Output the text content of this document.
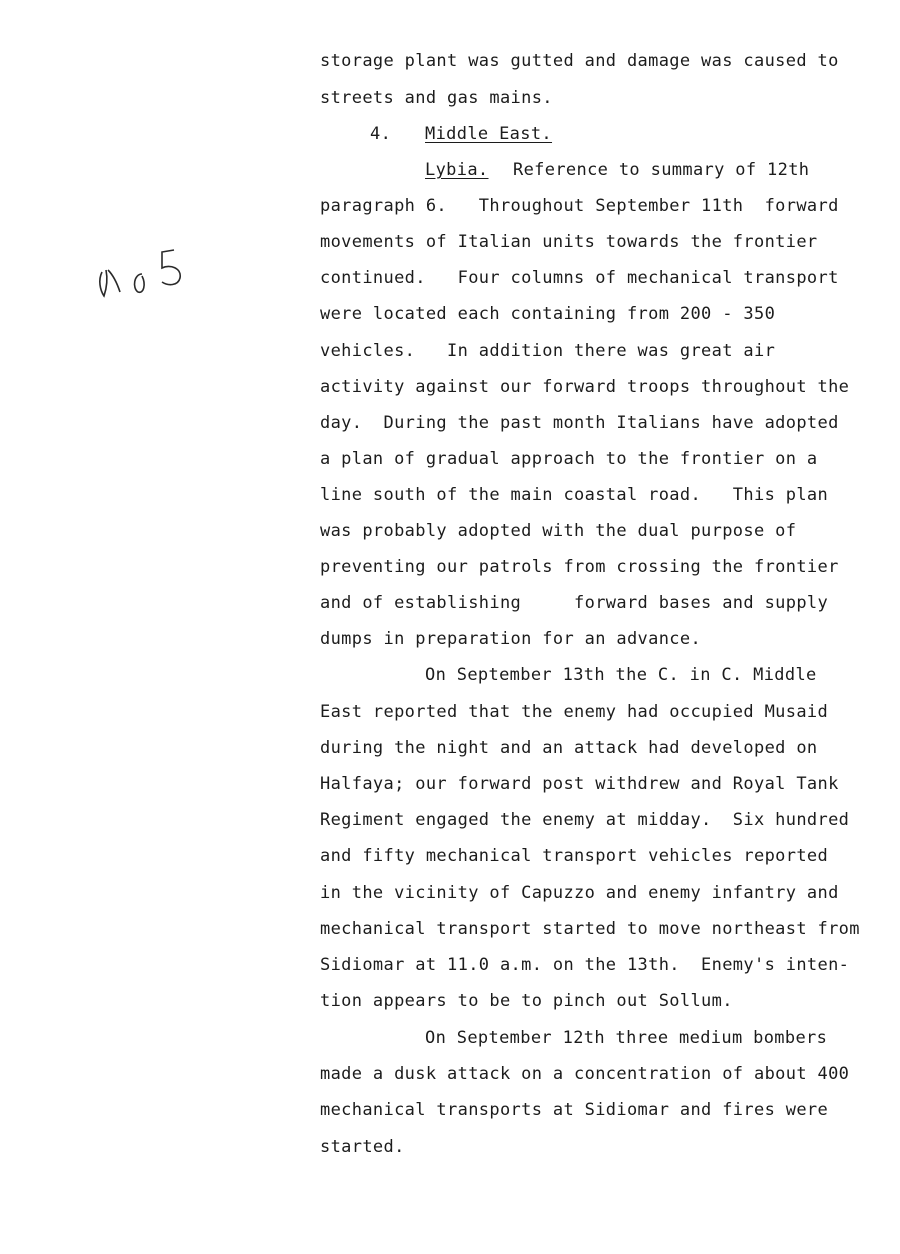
storage plant was gutted and damage was caused to
streets and gas mains.
4. Middle East.
Lybia. Reference to summary of 12th
paragraph 6.   Throughout September 11th  forward
movements of Italian units towards the frontier
continued.   Four columns of mechanical transport
were located each containing from 200 - 350
vehicles.   In addition there was great air
activity against our forward troops throughout the
day.  During the past month Italians have adopted
a plan of gradual approach to the frontier on a
line south of the main coastal road.   This plan
was probably adopted with the dual purpose of
preventing our patrols from crossing the frontier
and of establishing     forward bases and supply
dumps in preparation for an advance.
On September 13th the C. in C. Middle
East reported that the enemy had occupied Musaid
during the night and an attack had developed on
Halfaya; our forward post withdrew and Royal Tank
Regiment engaged the enemy at midday.  Six hundred
and fifty mechanical transport vehicles reported
in the vicinity of Capuzzo and enemy infantry and
mechanical transport started to move northeast from
Sidiomar at 11.0 a.m. on the 13th.  Enemy's inten-
tion appears to be to pinch out Sollum.
On September 12th three medium bombers
made a dusk attack on a concentration of about 400
mechanical transports at Sidiomar and fires were
started.
